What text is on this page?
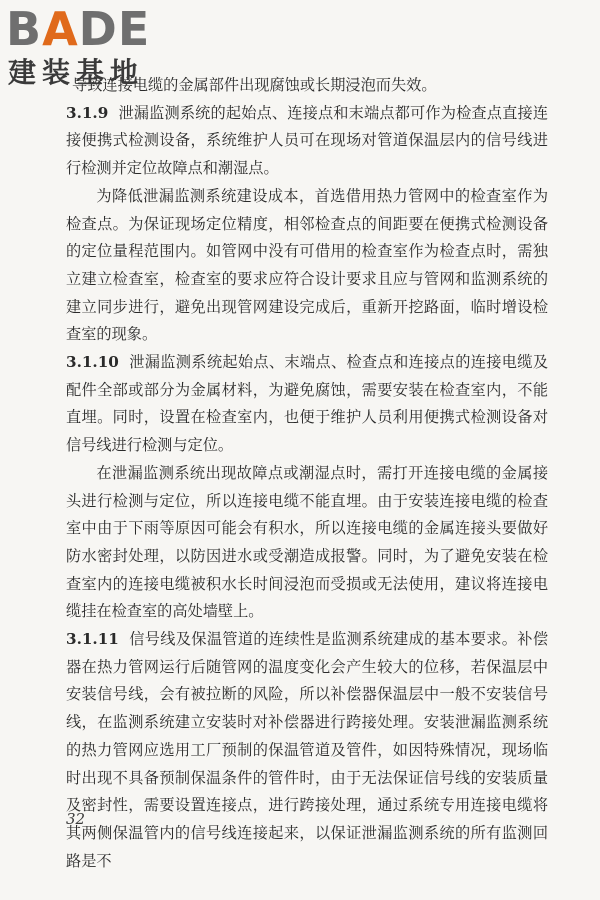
BADE
建装基地

导致连接电缆的金属部件出现腐蚀或长期浸泡而失效。

3.1.9 泄漏监测系统的起始点、连接点和末端点都可作为检查点直接连接便携式检测设备，系统维护人员可在现场对管道保温层内的信号线进行检测并定位故障点和潮湿点。

为降低泄漏监测系统建设成本，首选借用热力管网中的检查室作为检查点。为保证现场定位精度，相邻检查点的间距要在便携式检测设备的定位量程范围内。如管网中没有可借用的检查室作为检查点时，需独立建立检查室，检查室的要求应符合设计要求且应与管网和监测系统的建立同步进行，避免出现管网建设完成后，重新开挖路面，临时增设检查室的现象。

3.1.10 泄漏监测系统起始点、末端点、检查点和连接点的连接电缆及配件全部或部分为金属材料，为避免腐蚀，需要安装在检查室内，不能直埋。同时，设置在检查室内，也便于维护人员利用便携式检测设备对信号线进行检测与定位。

在泄漏监测系统出现故障点或潮湿点时，需打开连接电缆的金属接头进行检测与定位，所以连接电缆不能直埋。由于安装连接电缆的检查室中由于下雨等原因可能会有积水，所以连接电缆的金属连接头要做好防水密封处理，以防因进水或受潮造成报警。同时，为了避免安装在检查室内的连接电缆被积水长时间浸泡而受损或无法使用，建议将连接电缆挂在检查室的高处墙壁上。

3.1.11 信号线及保温管道的连续性是监测系统建成的基本要求。补偿器在热力管网运行后随管网的温度变化会产生较大的位移，若保温层中安装信号线，会有被拉断的风险，所以补偿器保温层中一般不安装信号线，在监测系统建立安装时对补偿器进行跨接处理。安装泄漏监测系统的热力管网应选用工厂预制的保温管道及管件，如因特殊情况，现场临时出现不具备预制保温条件的管件时，由于无法保证信号线的安装质量及密封性，需要设置连接点，进行跨接处理，通过系统专用连接电缆将其两侧保温管内的信号线连接起来，以保证泄漏监测系统的所有监测回路是不

32
